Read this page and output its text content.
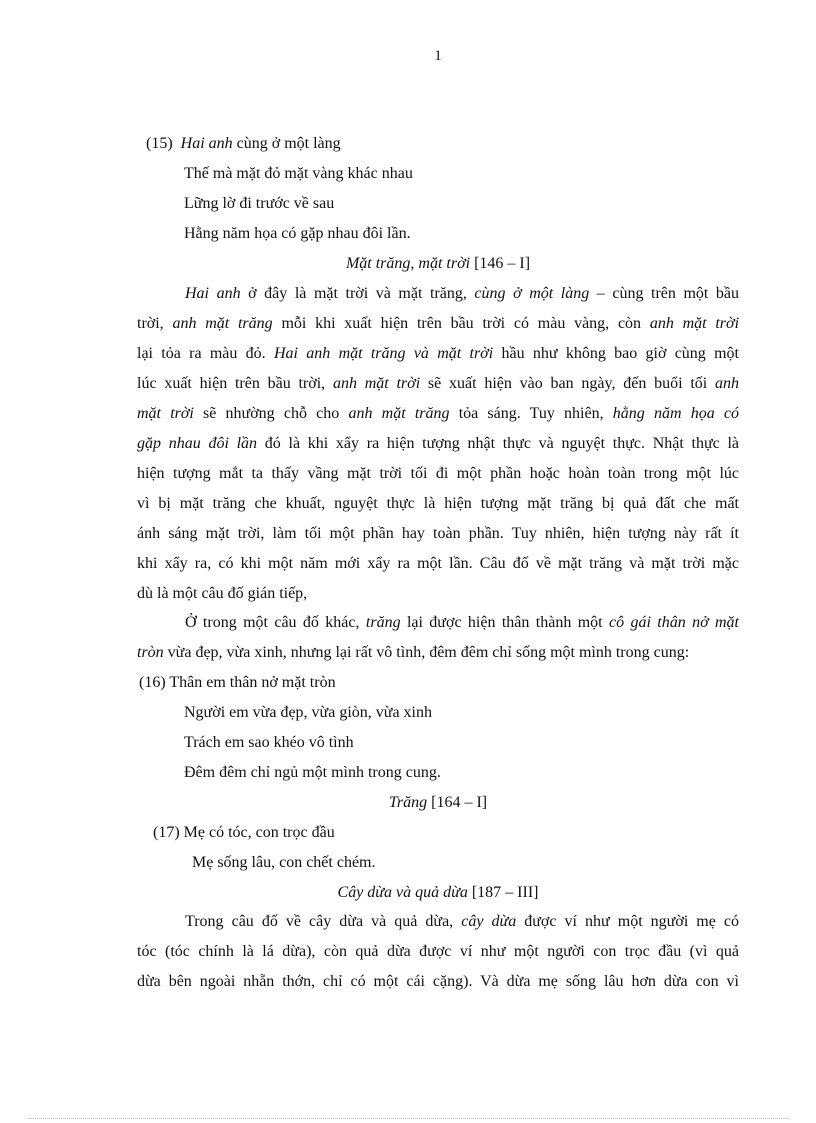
1
(15) Hai anh cùng ở một làng
Thế mà mặt đỏ mặt vàng khác nhau
Lững lờ đi trước về sau
Hằng năm họa có gặp nhau đôi lần.
Mặt trăng, mặt trời [146 – I]
Hai anh ở đây là mặt trời và mặt trăng, cùng ở một làng – cùng trên một bầu
trời, anh mặt trăng mỗi khi xuất hiện trên bầu trời có màu vàng, còn anh mặt trời
lại tỏa ra màu đỏ. Hai anh mặt trăng và mặt trời hầu như không bao giờ cùng một
lúc xuất hiện trên bầu trời, anh mặt trời sẽ xuất hiện vào ban ngày, đến buổi tối anh
mặt trời sẽ nhường chỗ cho anh mặt trăng tỏa sáng. Tuy nhiên, hằng năm họa có
gặp nhau đôi lần đó là khi xẩy ra hiện tượng nhật thực và nguyệt thực. Nhật thực là
hiện tượng mắt ta thấy vầng mặt trời tối đi một phần hoặc hoàn toàn trong một lúc
vì bị mặt trăng che khuất, nguyệt thực là hiện tượng mặt trăng bị quả đất che mất
ánh sáng mặt trời, làm tối một phần hay toàn phần. Tuy nhiên, hiện tượng này rất ít
khi xẩy ra, có khi một năm mới xẩy ra một lần. Câu đố về mặt trăng và mặt trời mặc
dù là một câu đố gián tiếp,
Ở trong một câu đố khác, trăng lại được hiện thân thành một cô gái thân nở mặt
tròn vừa đẹp, vừa xinh, nhưng lại rất vô tình, đêm đêm chỉ sống một mình trong cung:
(16) Thân em thân nở mặt tròn
Người em vừa đẹp, vừa giòn, vừa xinh
Trách em sao khéo vô tình
Đêm đêm chỉ ngủ một mình trong cung.
Trăng [164 – I]
(17) Mẹ có tóc, con trọc đầu
Mẹ sống lâu, con chết chém.
Cây dừa và quả dừa [187 – III]
Trong câu đố về cây dừa và quả dừa, cây dừa được ví như một người mẹ có
tóc (tóc chính là lá dừa), còn quả dừa được ví như một người con trọc đầu (vì quả
dừa bên ngoài nhẵn thớn, chỉ có một cái cặng). Và dừa mẹ sống lâu hơn dừa con vì
